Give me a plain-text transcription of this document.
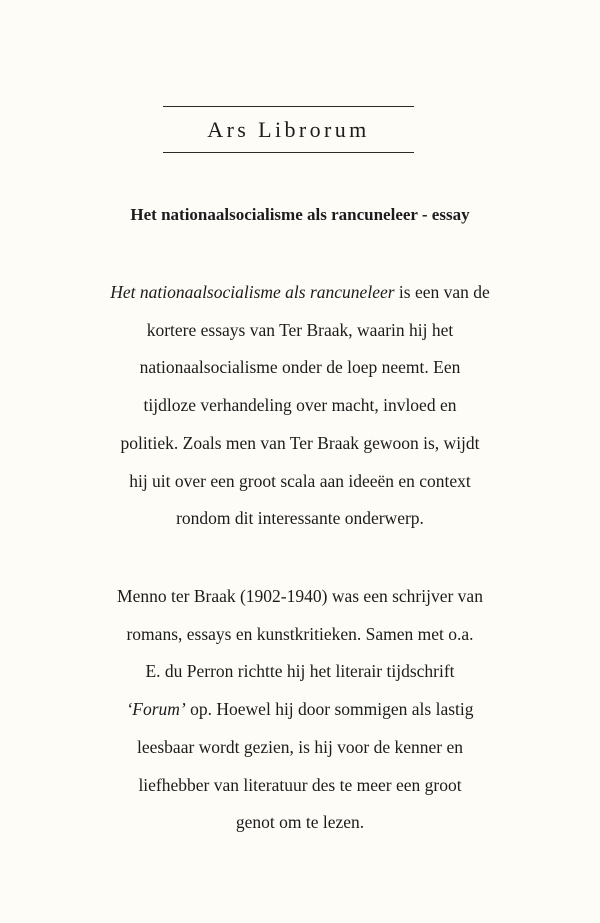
Ars Librorum
Het nationaalsocialisme als rancuneleer - essay
Het nationaalsocialisme als rancuneleer is een van de
kortere essays van Ter Braak, waarin hij het
nationaalsocialisme onder de loep neemt. Een
tijdloze verhandeling over macht, invloed en
politiek. Zoals men van Ter Braak gewoon is, wijdt
hij uit over een groot scala aan ideeën en context
rondom dit interessante onderwerp.
Menno ter Braak (1902-1940) was een schrijver van
romans, essays en kunstkritieken. Samen met o.a.
E. du Perron richtte hij het literair tijdschrift
‘Forum’ op. Hoewel hij door sommigen als lastig
leesbaar wordt gezien, is hij voor de kenner en
liefhebber van literatuur des te meer een groot
genot om te lezen.
